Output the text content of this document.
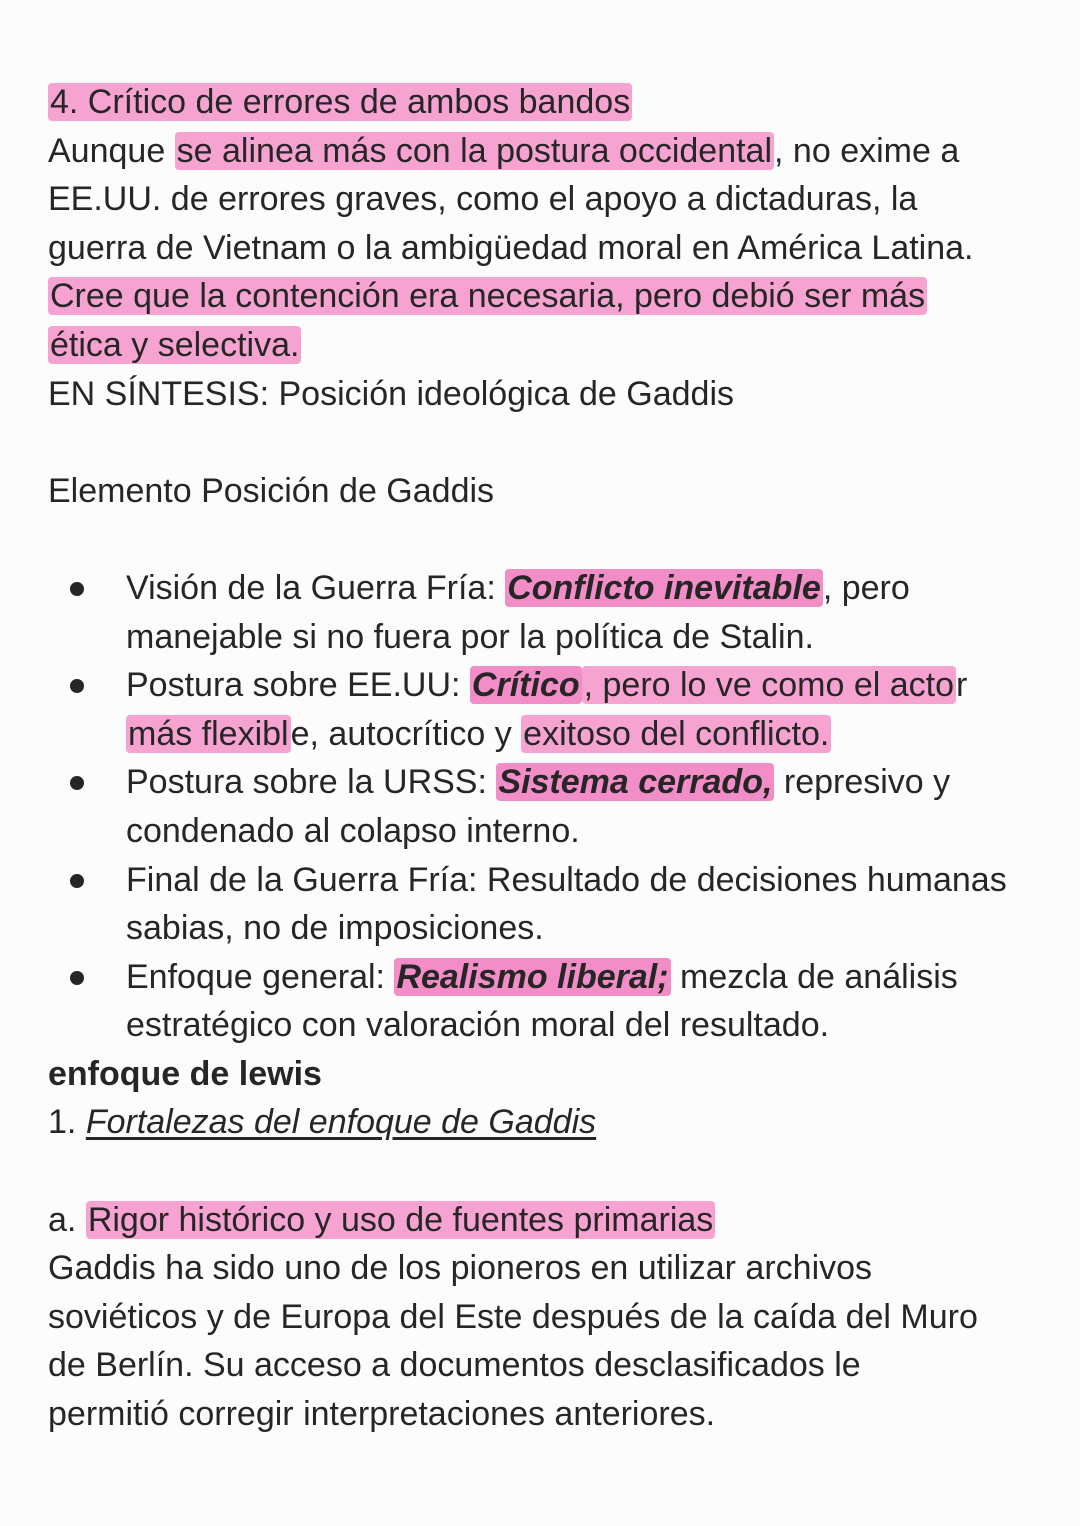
4. Crítico de errores de ambos bandos

Aunque se alinea más con la postura occidental, no exime a

EE.UU. de errores graves, como el apoyo a dictaduras, la

guerra de Vietnam o la ambigüedad moral en América Latina.

Cree que la contención era necesaria, pero debió ser más

ética y selectiva.

EN SÍNTESIS: Posición ideológica de Gaddis

Elemento Posición de Gaddis

Visión de la Guerra Fría: Conflicto inevitable, pero manejable si no fuera por la política de Stalin.
Postura sobre EE.UU: Crítico , pero lo ve como el actor
más flexible, autocrítico y exitoso del conflicto.
Postura sobre la URSS: Sistema cerrado, represivo y condenado al colapso interno.
Final de la Guerra Fría: Resultado de decisiones humanas sabias, no de imposiciones.
Enfoque general: Realismo liberal; mezcla de análisis estratégico con valoración moral del resultado.

enfoque de lewis

1. Fortalezas del enfoque de Gaddis

a. Rigor histórico y uso de fuentes primarias

Gaddis ha sido uno de los pioneros en utilizar archivos

soviéticos y de Europa del Este después de la caída del Muro

de Berlín. Su acceso a documentos desclasificados le

permitió corregir interpretaciones anteriores.
